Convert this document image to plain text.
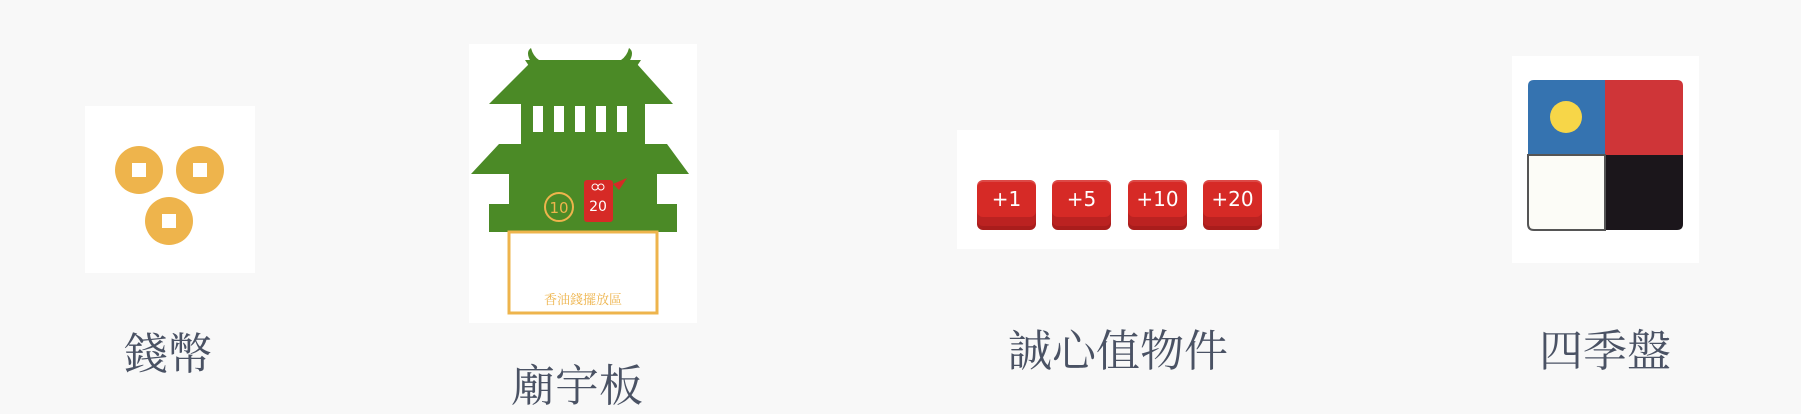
錢幣
10 20
香油錢擺放區
廟宇板
+1	+5	+10	+20
誠心值物件	四季盤
